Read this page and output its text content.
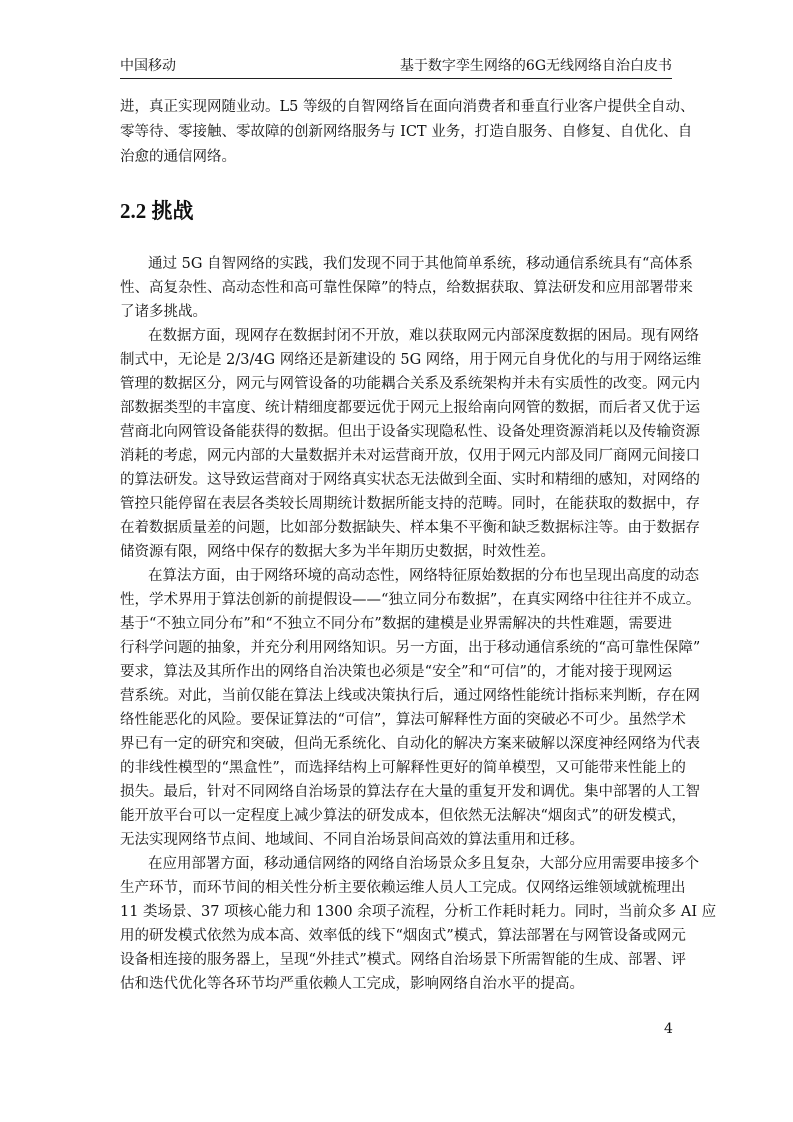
中国移动	基于数字孪生网络的6G无线网络自治白皮书
进，真正实现网随业动。L5 等级的自智网络旨在面向消费者和垂直行业客户提供全自动、
零等待、零接触、零故障的创新网络服务与 ICT 业务，打造自服务、自修复、自优化、自
治愈的通信网络。
2.2 挑战
通过 5G 自智网络的实践，我们发现不同于其他简单系统，移动通信系统具有“高体系
性、高复杂性、高动态性和高可靠性保障”的特点，给数据获取、算法研发和应用部署带来
了诸多挑战。
在数据方面，现网存在数据封闭不开放，难以获取网元内部深度数据的困局。现有网络
制式中，无论是 2/3/4G 网络还是新建设的 5G 网络，用于网元自身优化的与用于网络运维
管理的数据区分，网元与网管设备的功能耦合关系及系统架构并未有实质性的改变。网元内
部数据类型的丰富度、统计精细度都要远优于网元上报给南向网管的数据，而后者又优于运
营商北向网管设备能获得的数据。但出于设备实现隐私性、设备处理资源消耗以及传输资源
消耗的考虑，网元内部的大量数据并未对运营商开放，仅用于网元内部及同厂商网元间接口
的算法研发。这导致运营商对于网络真实状态无法做到全面、实时和精细的感知，对网络的
管控只能停留在表层各类较长周期统计数据所能支持的范畴。同时，在能获取的数据中，存
在着数据质量差的问题，比如部分数据缺失、样本集不平衡和缺乏数据标注等。由于数据存
储资源有限，网络中保存的数据大多为半年期历史数据，时效性差。
在算法方面，由于网络环境的高动态性，网络特征原始数据的分布也呈现出高度的动态
性，学术界用于算法创新的前提假设——“独立同分布数据”，在真实网络中往往并不成立。
基于“不独立同分布”和“不独立不同分布”数据的建模是业界需解决的共性难题，需要进
行科学问题的抽象，并充分利用网络知识。另一方面，出于移动通信系统的“高可靠性保障”
要求，算法及其所作出的网络自治决策也必须是“安全”和“可信”的，才能对接于现网运
营系统。对此，当前仅能在算法上线或决策执行后，通过网络性能统计指标来判断，存在网
络性能恶化的风险。要保证算法的“可信”，算法可解释性方面的突破必不可少。虽然学术
界已有一定的研究和突破，但尚无系统化、自动化的解决方案来破解以深度神经网络为代表
的非线性模型的“黑盒性”，而选择结构上可解释性更好的简单模型，又可能带来性能上的
损失。最后，针对不同网络自治场景的算法存在大量的重复开发和调优。集中部署的人工智
能开放平台可以一定程度上减少算法的研发成本，但依然无法解决“烟囱式”的研发模式，
无法实现网络节点间、地域间、不同自治场景间高效的算法重用和迁移。
在应用部署方面，移动通信网络的网络自治场景众多且复杂，大部分应用需要串接多个
生产环节，而环节间的相关性分析主要依赖运维人员人工完成。仅网络运维领域就梳理出
11 类场景、37 项核心能力和 1300 余项子流程，分析工作耗时耗力。同时，当前众多 AI 应
用的研发模式依然为成本高、效率低的线下“烟囱式”模式，算法部署在与网管设备或网元
设备相连接的服务器上，呈现“外挂式”模式。网络自治场景下所需智能的生成、部署、评
估和迭代优化等各环节均严重依赖人工完成，影响网络自治水平的提高。
4
